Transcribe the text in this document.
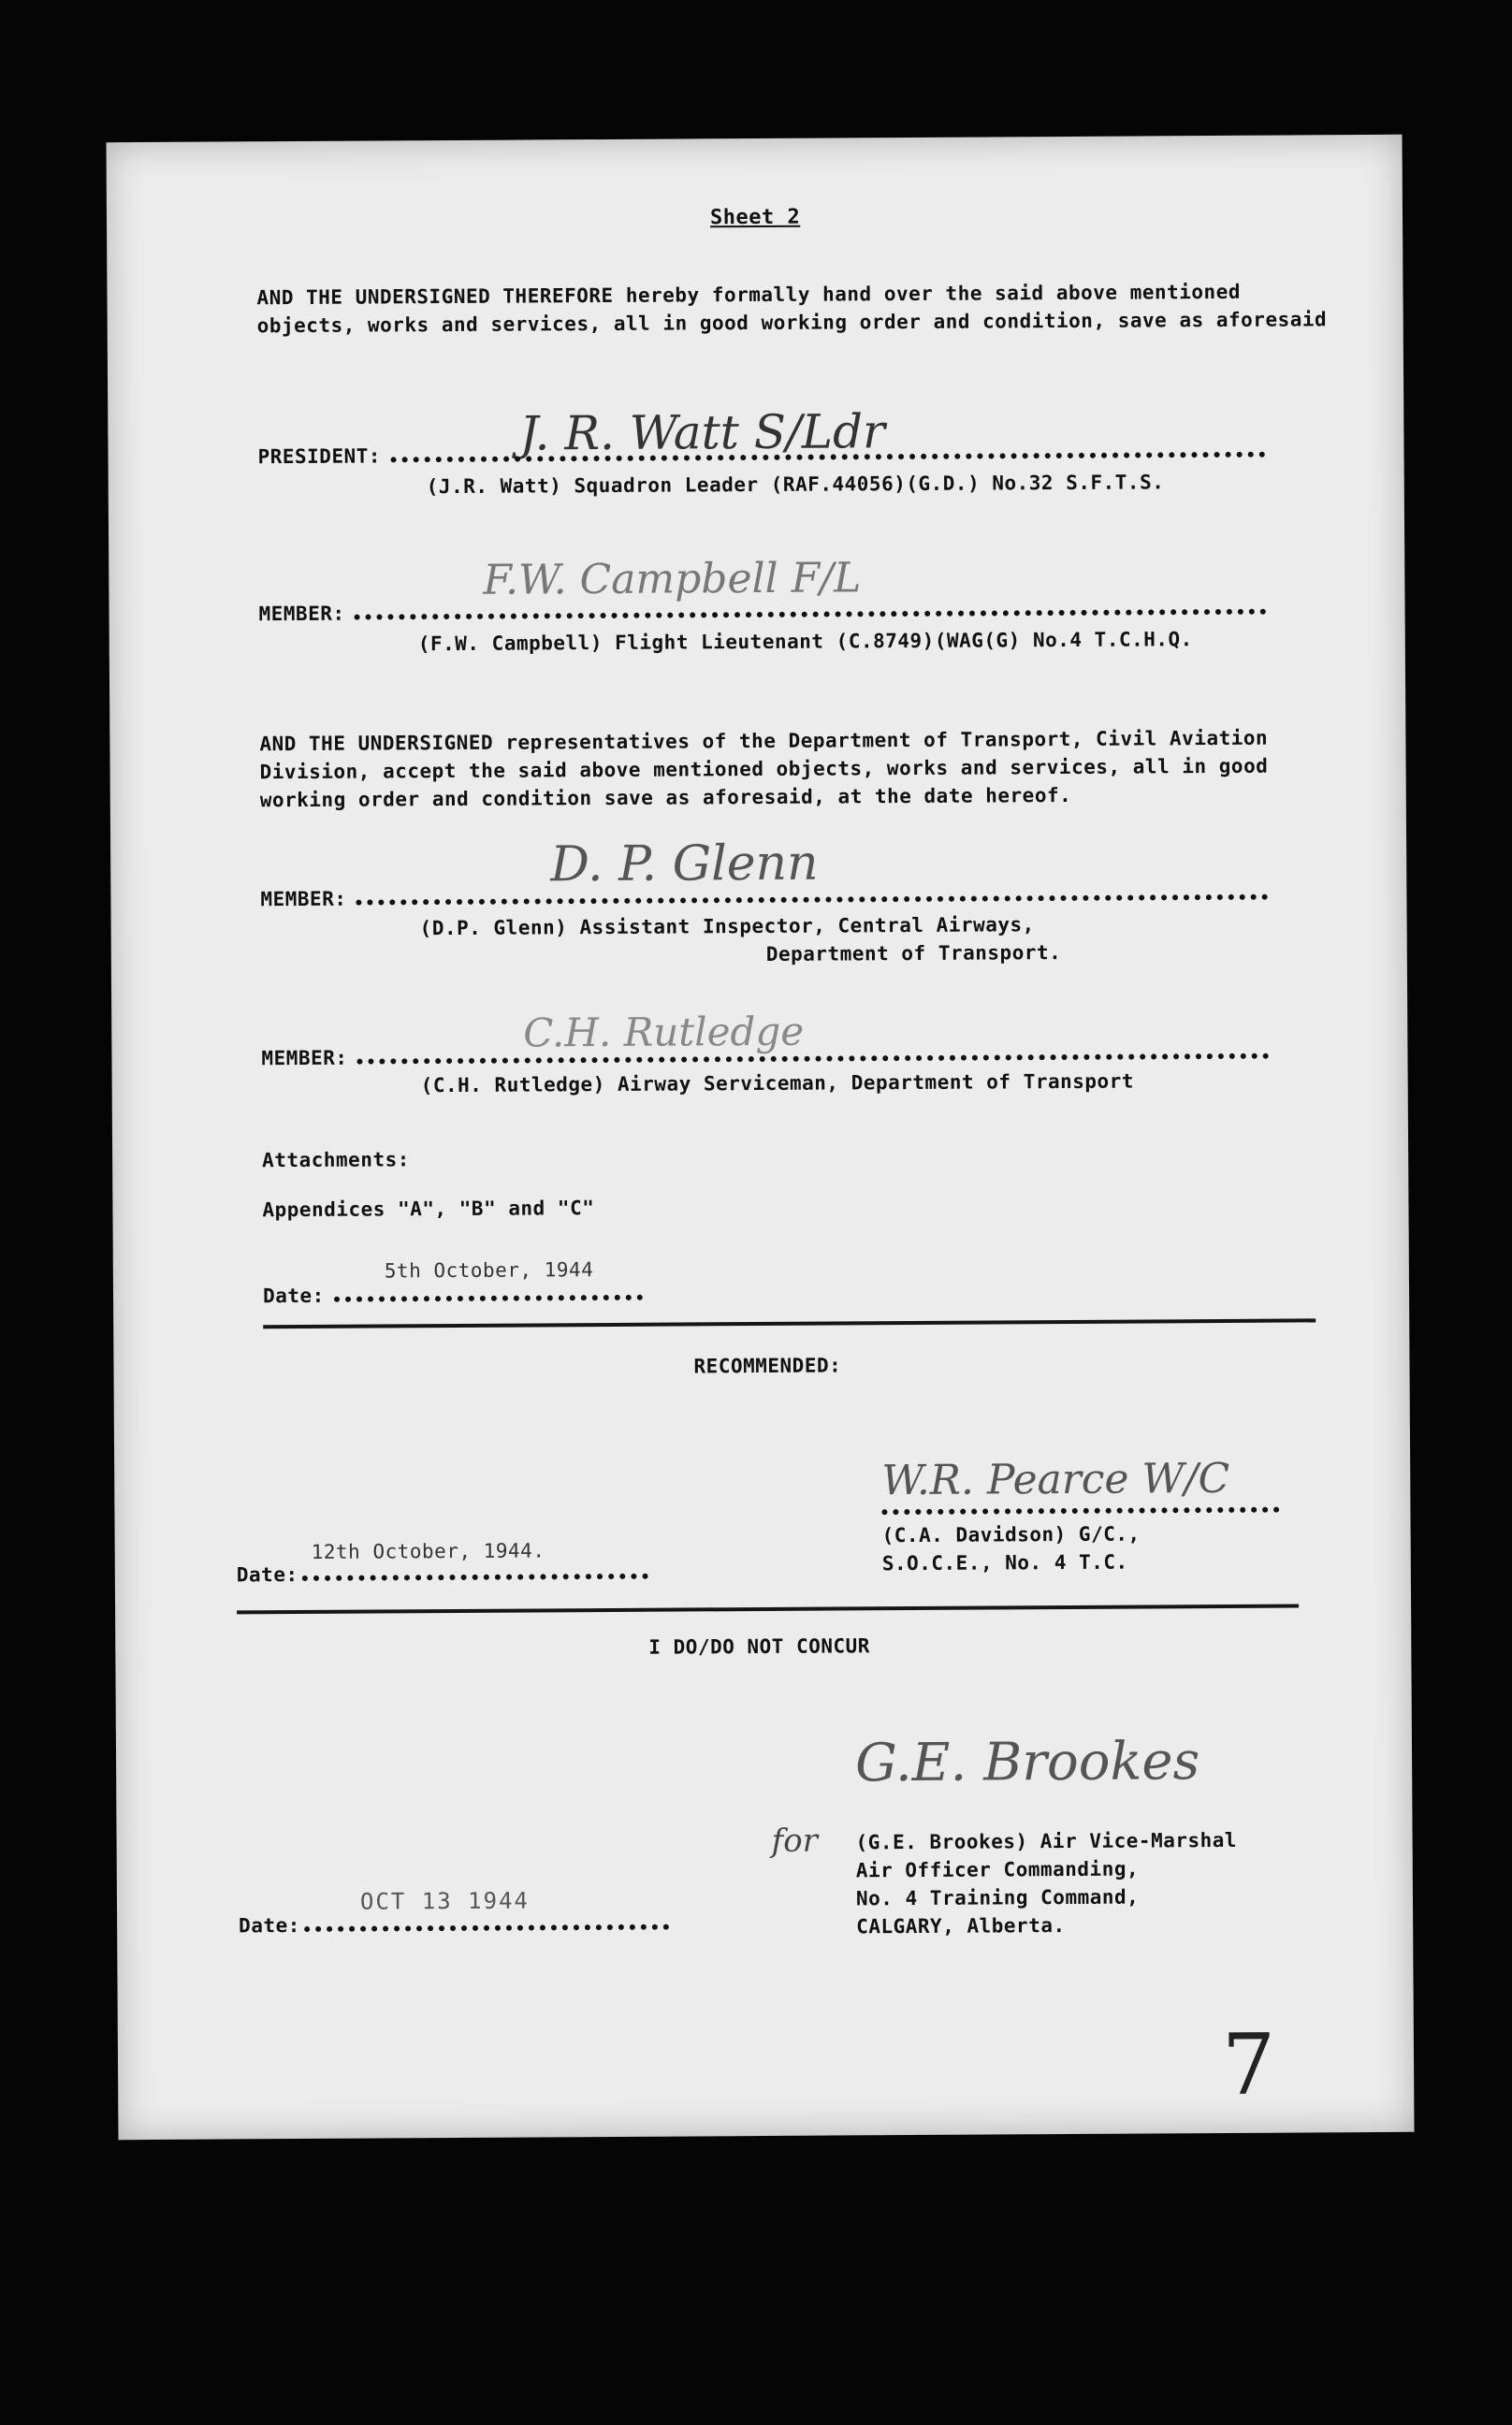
Sheet 2
AND THE UNDERSIGNED THEREFORE hereby formally hand over the said above mentioned
objects, works and services, all in good working order and condition, save as aforesaid
J. R. Watt S/Ldr
PRESIDENT:
(J.R. Watt) Squadron Leader (RAF.44056)(G.D.) No.32 S.F.T.S.
F.W. Campbell F/L
MEMBER:
(F.W. Campbell) Flight Lieutenant (C.8749)(WAG(G) No.4 T.C.H.Q.
AND THE UNDERSIGNED representatives of the Department of Transport, Civil Aviation
Division, accept the said above mentioned objects, works and services, all in good
working order and condition save as aforesaid, at the date hereof.
D. P. Glenn
MEMBER:
(D.P. Glenn) Assistant Inspector, Central Airways,
Department of Transport.
C.H. Rutledge
MEMBER:
(C.H. Rutledge) Airway Serviceman, Department of Transport
Attachments:
Appendices "A", "B" and "C"
5th October, 1944
Date:
RECOMMENDED:
W.R. Pearce W/C
(C.A. Davidson) G/C.,
S.O.C.E., No. 4 T.C.
12th October, 1944.
Date:
I DO/DO NOT CONCUR
G.E. Brookes
for (G.E. Brookes) Air Vice-Marshal
Air Officer Commanding,
No. 4 Training Command,
CALGARY, Alberta.
OCT 13 1944
Date:
7
